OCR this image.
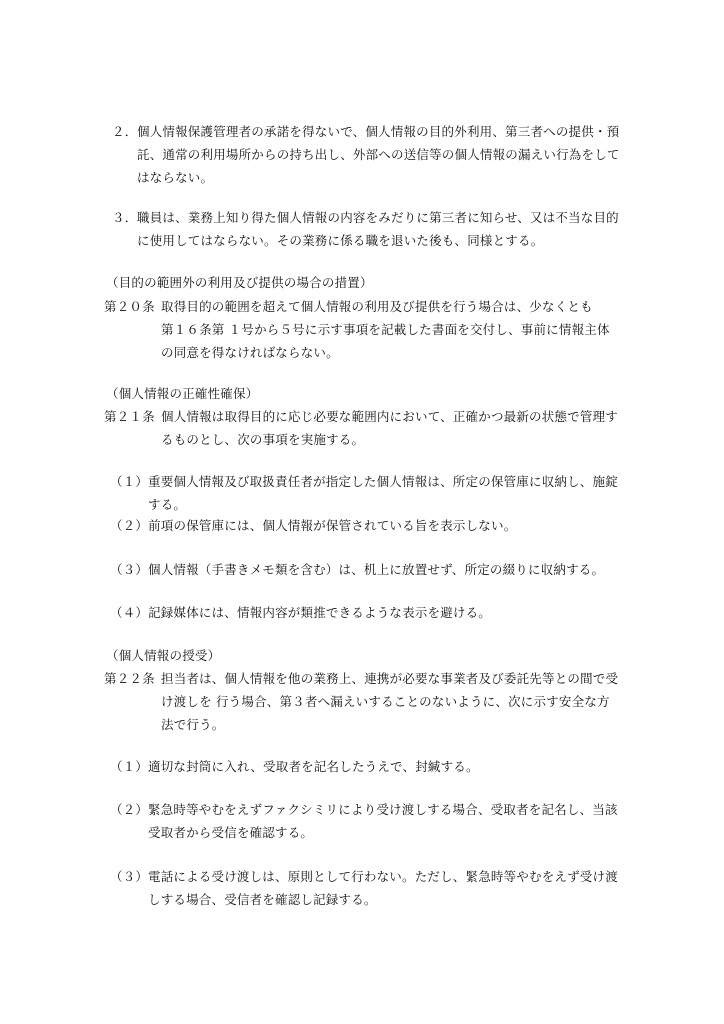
２． 個人情報保護管理者の承諾を得ないで、個人情報の目的外利用、第三者への提供・預
託、通常の利用場所からの持ち出し、外部への送信等の個人情報の漏えい行為をして
はならない。
３． 職員は、業務上知り得た個人情報の内容をみだりに第三者に知らせ、又は不当な目的
に使用してはならない。その業務に係る職を退いた後も、同様とする。
（目的の範囲外の利用及び提供の場合の措置）
第２０条 取得目的の範囲を超えて個人情報の利用及び提供を行う場合は、少なくとも
第１６条第 １号から５号に示す事項を記載した書面を交付し、事前に情報主体
の同意を得なければならない。
（個人情報の正確性確保）
第２１条 個人情報は取得目的に応じ必要な範囲内において、正確かつ最新の状態で管理す
るものとし、次の事項を実施する。
（１） 重要個人情報及び取扱責任者が指定した個人情報は、所定の保管庫に収納し、施錠
する。
（２）前項の保管庫には、個人情報が保管されている旨を表示しない。
（３） 個人情報（手書きメモ類を含む）は、机上に放置せず、所定の綴りに収納する。
（４）記録媒体には、情報内容が類推できるような表示を避ける。
（個人情報の授受）
第２２条 担当者は、個人情報を他の業務上、連携が必要な事業者及び委託先等との間で受
け渡しを 行う場合、第３者へ漏えいすることのないように、次に示す安全な方
法で行う。
（１） 適切な封筒に入れ、受取者を記名したうえで、封緘する。
（２） 緊急時等やむをえずファクシミリにより受け渡しする場合、受取者を記名し、当該
受取者から受信を確認する。
（３） 電話による受け渡しは、原則として行わない。ただし、緊急時等やむをえず受け渡
しする場合、受信者を確認し記録する。
